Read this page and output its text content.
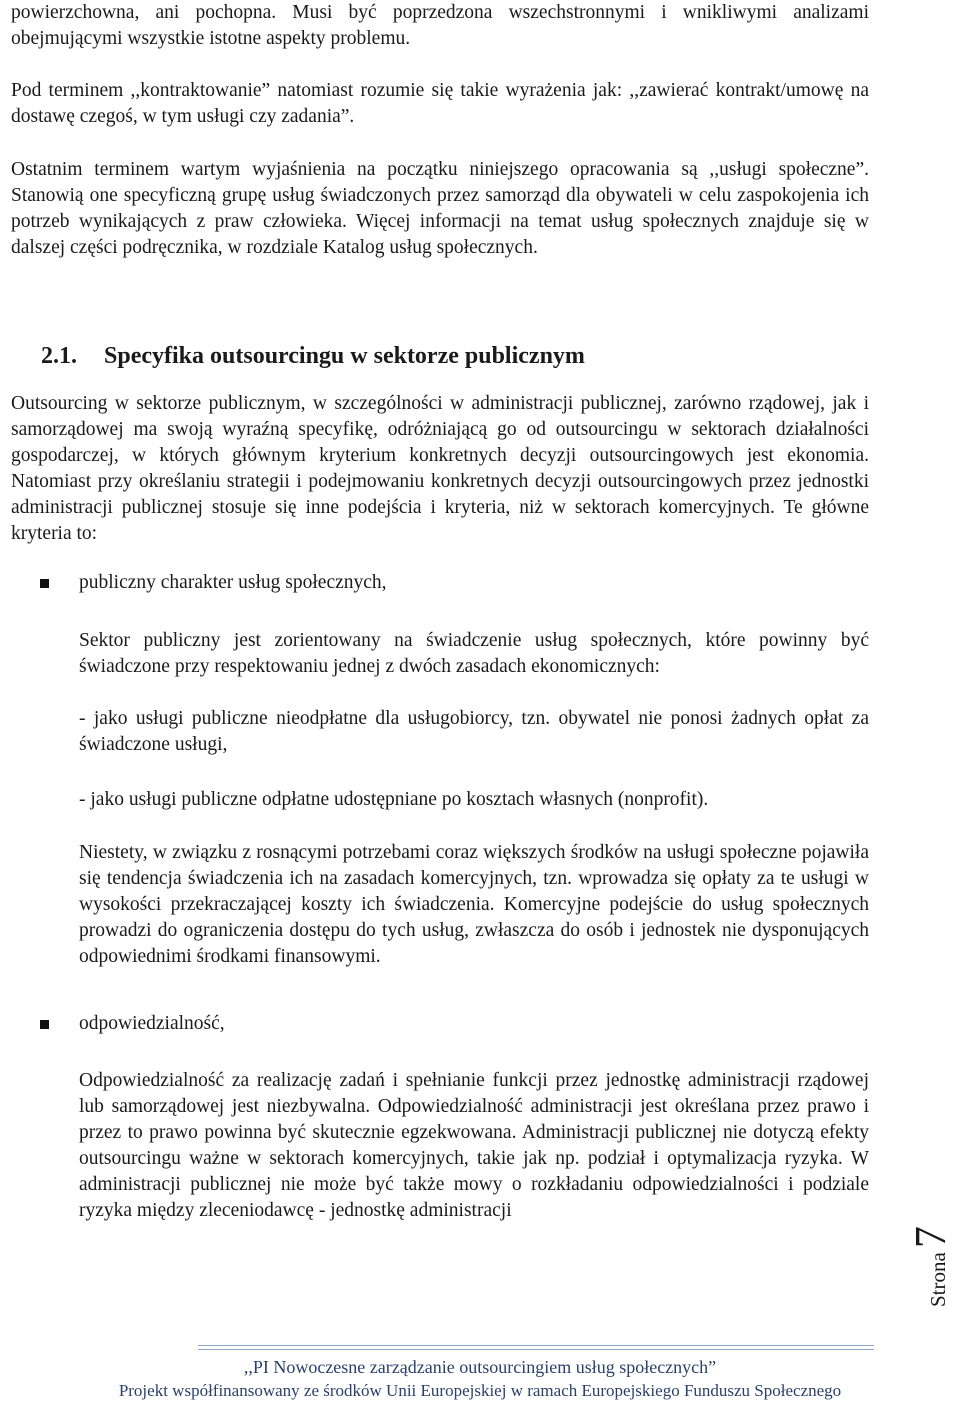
powierzchowna, ani pochopna. Musi być poprzedzona wszechstronnymi i wnikliwymi analizami obejmującymi wszystkie istotne aspekty problemu.

Pod terminem ,,kontraktowanie” natomiast rozumie się takie wyrażenia jak: ,,zawierać kontrakt/umowę na dostawę czegoś, w tym usługi czy zadania”.

Ostatnim terminem wartym wyjaśnienia na początku niniejszego opracowania są ,,usługi społeczne”. Stanowią one specyficzną grupę usług świadczonych przez samorząd dla obywateli w celu zaspokojenia ich potrzeb wynikających z praw człowieka. Więcej informacji na temat usług społecznych znajduje się w dalszej części podręcznika, w rozdziale Katalog usług społecznych.

2.1. Specyfika outsourcingu w sektorze publicznym

Outsourcing w sektorze publicznym, w szczególności w administracji publicznej, zarówno rządowej, jak i samorządowej ma swoją wyraźną specyfikę, odróżniającą go od outsourcingu w sektorach działalności gospodarczej, w których głównym kryterium konkretnych decyzji outsourcingowych jest ekonomia. Natomiast przy określaniu strategii i podejmowaniu konkretnych decyzji outsourcingowych przez jednostki administracji publicznej stosuje się inne podejścia i kryteria, niż w sektorach komercyjnych. Te główne kryteria to:

publiczny charakter usług społecznych,

Sektor publiczny jest zorientowany na świadczenie usług społecznych, które powinny być świadczone przy respektowaniu jednej z dwóch zasadach ekonomicznych:

- jako usługi publiczne nieodpłatne dla usługobiorcy, tzn. obywatel nie ponosi żadnych opłat za świadczone usługi,

- jako usługi publiczne odpłatne udostępniane po kosztach własnych (nonprofit).

Niestety, w związku z rosnącymi potrzebami coraz większych środków na usługi społeczne pojawiła się tendencja świadczenia ich na zasadach komercyjnych, tzn. wprowadza się opłaty za te usługi w wysokości przekraczającej koszty ich świadczenia. Komercyjne podejście do usług społecznych prowadzi do ograniczenia dostępu do tych usług, zwłaszcza do osób i jednostek nie dysponujących odpowiednimi środkami finansowymi.

odpowiedzialność,

Odpowiedzialność za realizację zadań i spełnianie funkcji przez jednostkę administracji rządowej lub samorządowej jest niezbywalna. Odpowiedzialność administracji jest określana przez prawo i przez to prawo powinna być skutecznie egzekwowana. Administracji publicznej nie dotyczą efekty outsourcingu ważne w sektorach komercyjnych, takie jak np. podział i optymalizacja ryzyka. W administracji publicznej nie może być także mowy o rozkładaniu odpowiedzialności i podziale ryzyka między zleceniodawcę - jednostkę administracji

Strona7
,,PI Nowoczesne zarządzanie outsourcingiem usług społecznych”
Projekt współfinansowany ze środków Unii Europejskiej w ramach Europejskiego Funduszu Społecznego
